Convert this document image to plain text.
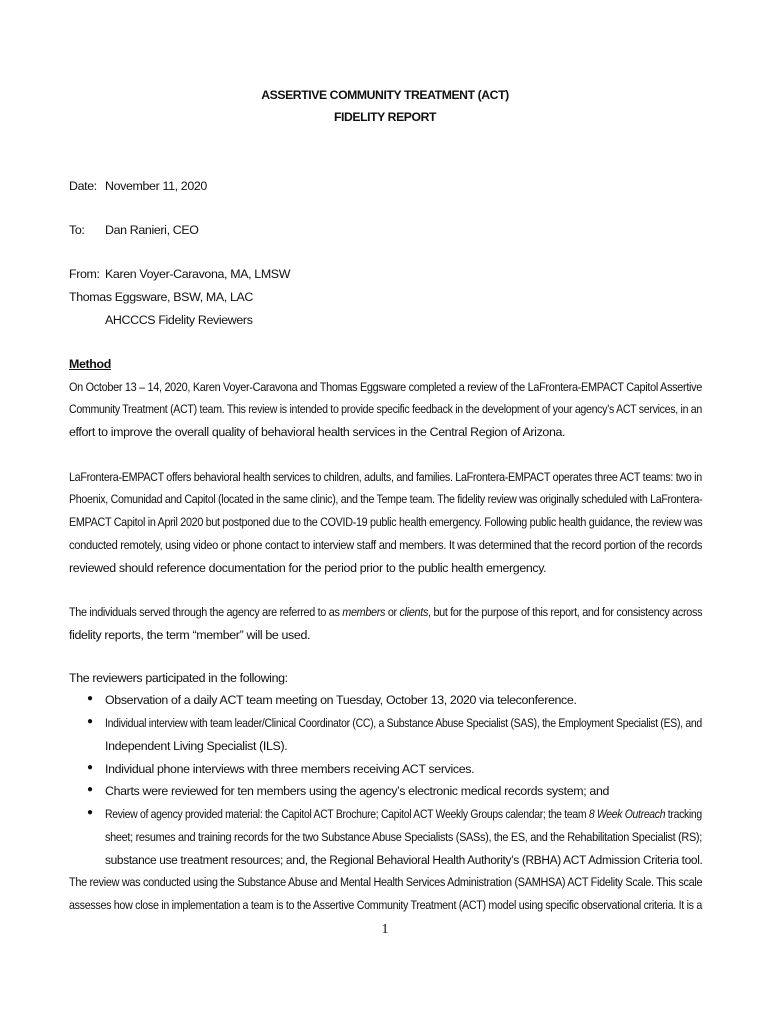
ASSERTIVE COMMUNITY TREATMENT (ACT)
FIDELITY REPORT
Date: November 11, 2020
To: Dan Ranieri, CEO
From: Karen Voyer-Caravona, MA, LMSW
Thomas Eggsware, BSW, MA, LAC
AHCCCS Fidelity Reviewers
Method
On October 13 – 14, 2020, Karen Voyer-Caravona and Thomas Eggsware completed a review of the LaFrontera-EMPACT Capitol Assertive
Community Treatment (ACT) team. This review is intended to provide specific feedback in the development of your agency’s ACT services, in an
effort to improve the overall quality of behavioral health services in the Central Region of Arizona.
LaFrontera-EMPACT offers behavioral health services to children, adults, and families. LaFrontera-EMPACT operates three ACT teams: two in
Phoenix, Comunidad and Capitol (located in the same clinic), and the Tempe team. The fidelity review was originally scheduled with LaFrontera-
EMPACT Capitol in April 2020 but postponed due to the COVID-19 public health emergency. Following public health guidance, the review was
conducted remotely, using video or phone contact to interview staff and members. It was determined that the record portion of the records
reviewed should reference documentation for the period prior to the public health emergency.
The individuals served through the agency are referred to as members or clients, but for the purpose of this report, and for consistency across
fidelity reports, the term “member” will be used.
The reviewers participated in the following:
● Observation of a daily ACT team meeting on Tuesday, October 13, 2020 via teleconference.
● Individual interview with team leader/Clinical Coordinator (CC), a Substance Abuse Specialist (SAS), the Employment Specialist (ES), and
Independent Living Specialist (ILS).
● Individual phone interviews with three members receiving ACT services.
● Charts were reviewed for ten members using the agency’s electronic medical records system; and
● Review of agency provided material: the Capitol ACT Brochure; Capitol ACT Weekly Groups calendar; the team 8 Week Outreach tracking
sheet; resumes and training records for the two Substance Abuse Specialists (SASs), the ES, and the Rehabilitation Specialist (RS);
substance use treatment resources; and, the Regional Behavioral Health Authority’s (RBHA) ACT Admission Criteria tool.
The review was conducted using the Substance Abuse and Mental Health Services Administration (SAMHSA) ACT Fidelity Scale. This scale
assesses how close in implementation a team is to the Assertive Community Treatment (ACT) model using specific observational criteria. It is a
1
